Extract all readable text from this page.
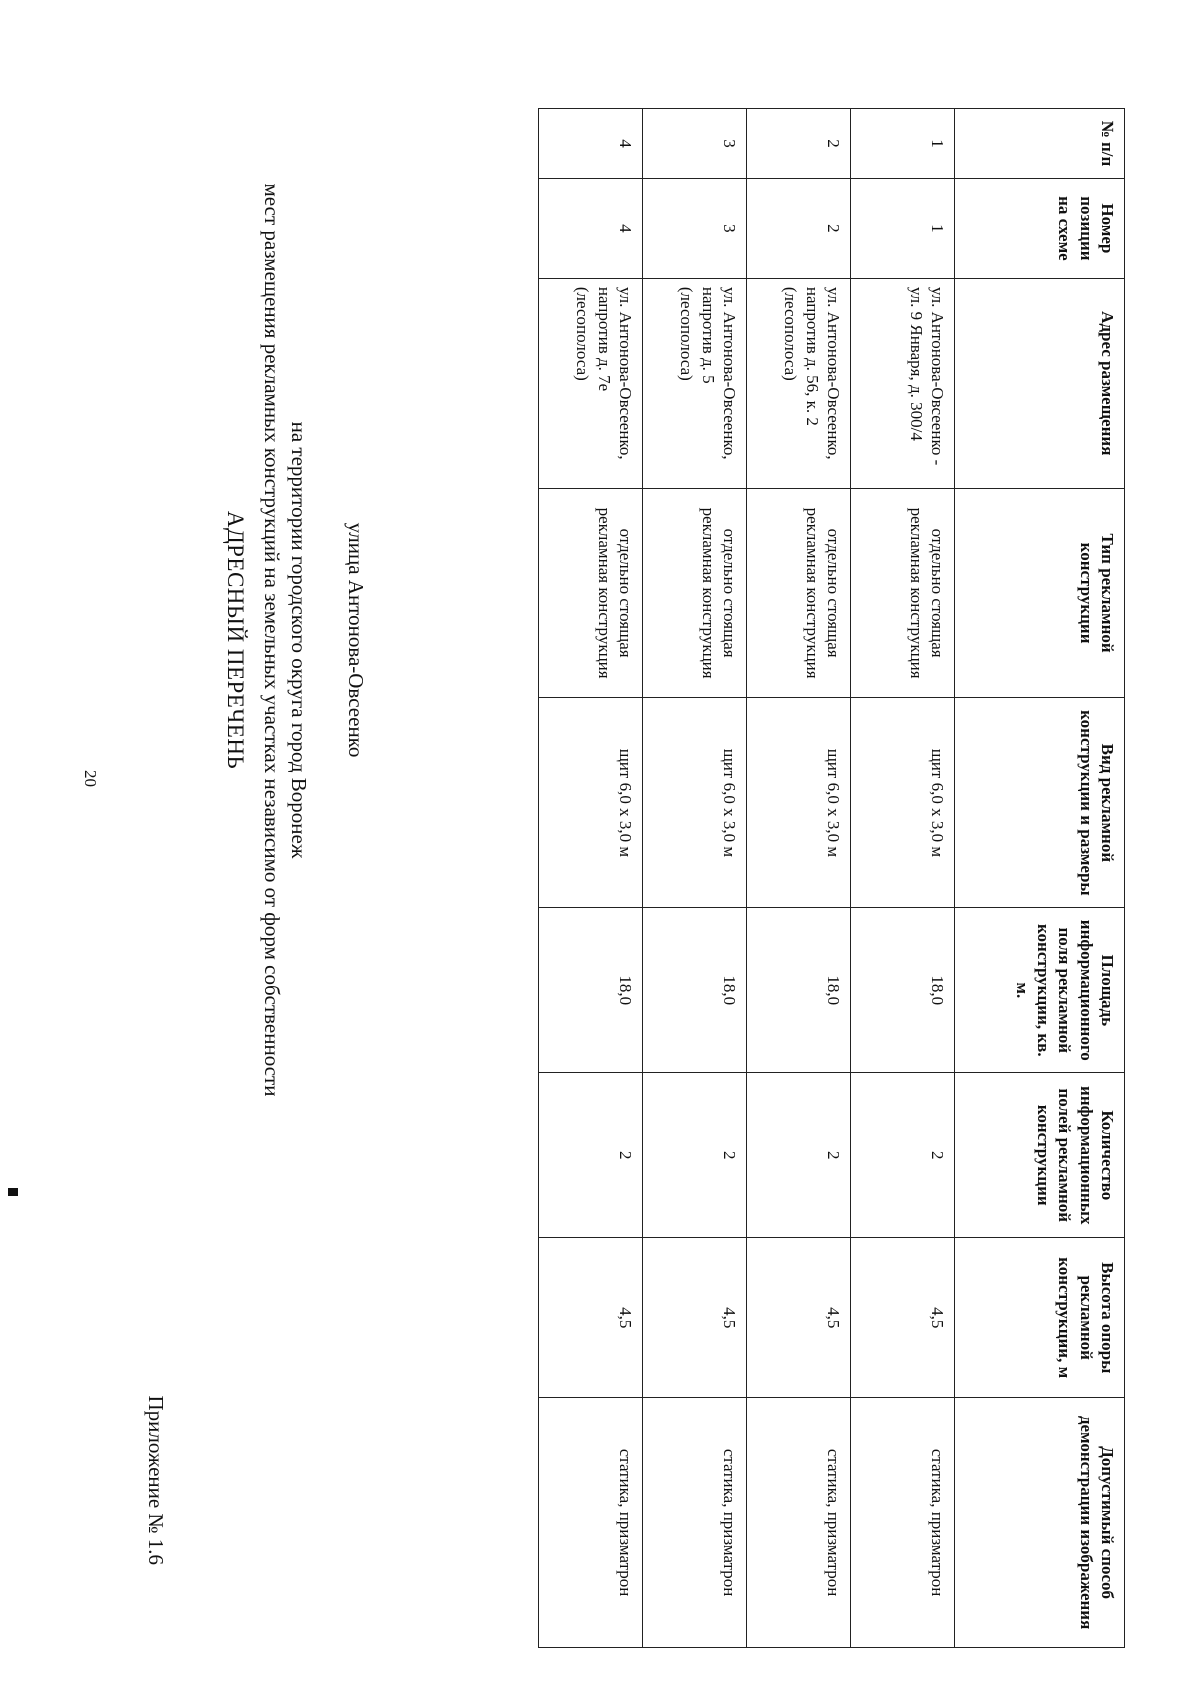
Приложение № 1.6
20
АДРЕСНЫЙ ПЕРЕЧЕНЬ мест размещения рекламных конструкций на земельных участках независимо от форм собственности на территории городского округа город Воронеж улица Антонова-Овсеенко
№ п/п	Номер позиции на схеме	Адрес размещения	Тип рекламной конструкции	Вид рекламной конструкции и размеры	Площадь информационного поля рекламной конструкции, кв. м.	Количество информационных полей рекламной конструкции	Высота опоры рекламной конструкции, м	Допустимый способ демонстрации изображения
1	1	ул. Антонова-Овсеенко - ул. 9 Января, д. 300/4	отдельно стоящая рекламная конструкция	щит 6,0 х 3,0 м	18,0	2	4,5	статика, призматрон
2	2	ул. Антонова-Овсеенко, напротив д. 56, к. 2 (лесополоса)	отдельно стоящая рекламная конструкция	щит 6,0 х 3,0 м	18,0	2	4,5	статика, призматрон
3	3	ул. Антонова-Овсеенко, напротив д. 5 (лесополоса)	отдельно стоящая рекламная конструкция	щит 6,0 х 3,0 м	18,0	2	4,5	статика, призматрон
4	4	ул. Антонова-Овсеенко, напротив д. 7е (лесополоса)	отдельно стоящая рекламная конструкция	щит 6,0 х 3,0 м	18,0	2	4,5	статика, призматрон
